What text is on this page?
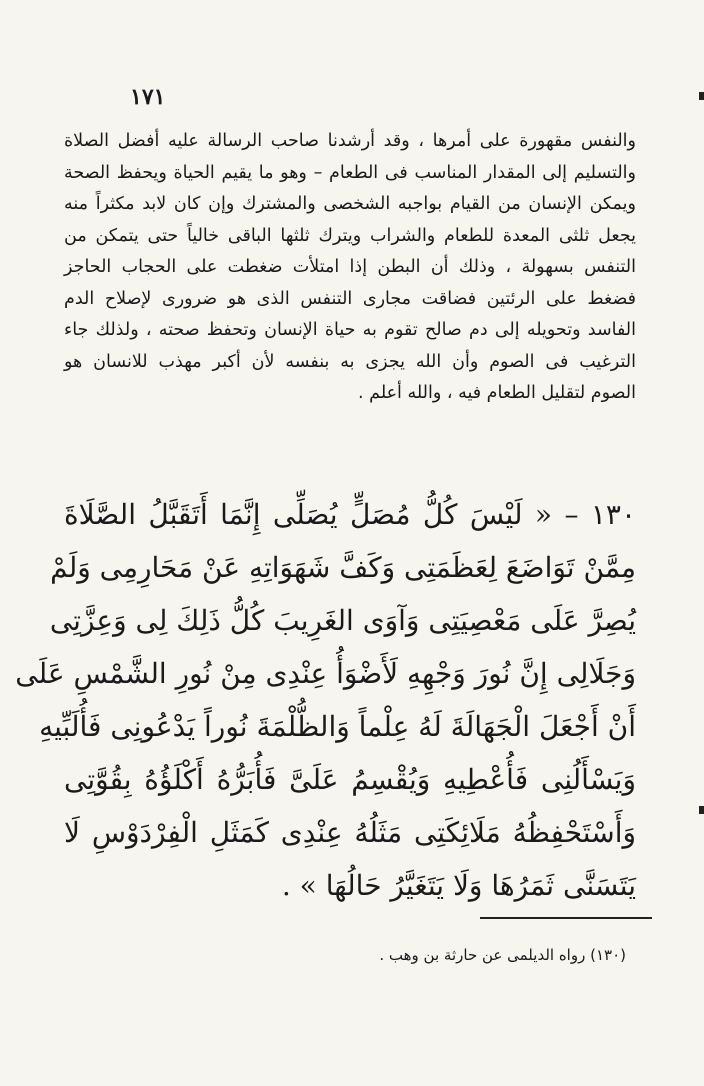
١٧١
والنفس مقهورة على أمرها ، وقد أرشدنا صاحب الرسالة عليه أفضل الصلاة
والتسليم إلى المقدار المناسب فى الطعام – وهو ما يقيم الحياة ويحفظ الصحة
ويمكن الإنسان من القيام بواجبه الشخصى والمشترك وإن كان لابد مكثراً منه
يجعل ثلثى المعدة للطعام والشراب ويترك ثلثها الباقى خالياً حتى يتمكن من
التنفس بسهولة ، وذلك أن البطن إذا امتلأت ضغطت على الحجاب الحاجز
فضغط على الرئتين فضاقت مجارى التنفس الذى هو ضرورى لإصلاح الدم
الفاسد وتحويله إلى دم صالح تقوم به حياة الإنسان وتحفظ صحته ، ولذلك جاء
الترغيب فى الصوم وأن الله يجزى به بنفسه لأن أكبر مهذب للانسان هو
الصوم لتقليل الطعام فيه ، والله أعلم .
١٣٠ – « لَيْسَ كُلُّ مُصَلٍّ يُصَلِّى إِنَّمَا أَتَقَبَّلُ الصَّلَاةَ
مِمَّنْ تَوَاضَعَ لِعَظَمَتِى وَكَفَّ شَهَوَاتِهِ عَنْ مَحَارِمِى وَلَمْ
يُصِرَّ عَلَى مَعْصِيَتِى وَآوَى الغَرِيبَ كُلُّ ذَلِكَ لِى وَعِزَّتِى
وَجَلَالِى إِنَّ نُورَ وَجْهِهِ لَأَضْوَأُ عِنْدِى مِنْ نُورِ الشَّمْسِ عَلَى
أَنْ أَجْعَلَ الْجَهَالَةَ لَهُ عِلْماً وَالظُّلْمَةَ نُوراً يَدْعُونِى فَأُلَبِّيهِ
وَيَسْأَلُنِى فَأُعْطِيهِ وَيُقْسِمُ عَلَىَّ فَأُبَرُّهُ أَكْلَؤُهُ بِقُوَّتِى
وَأَسْتَحْفِظُهُ مَلَائِكَتِى مَثَلُهُ عِنْدِى كَمَثَلِ الْفِرْدَوْسِ لَا
يَتَسَنَّى ثَمَرُهَا وَلَا يَتَغَيَّرُ حَالُهَا » .
(١٣٠) رواه الديلمى عن حارثة بن وهب .
